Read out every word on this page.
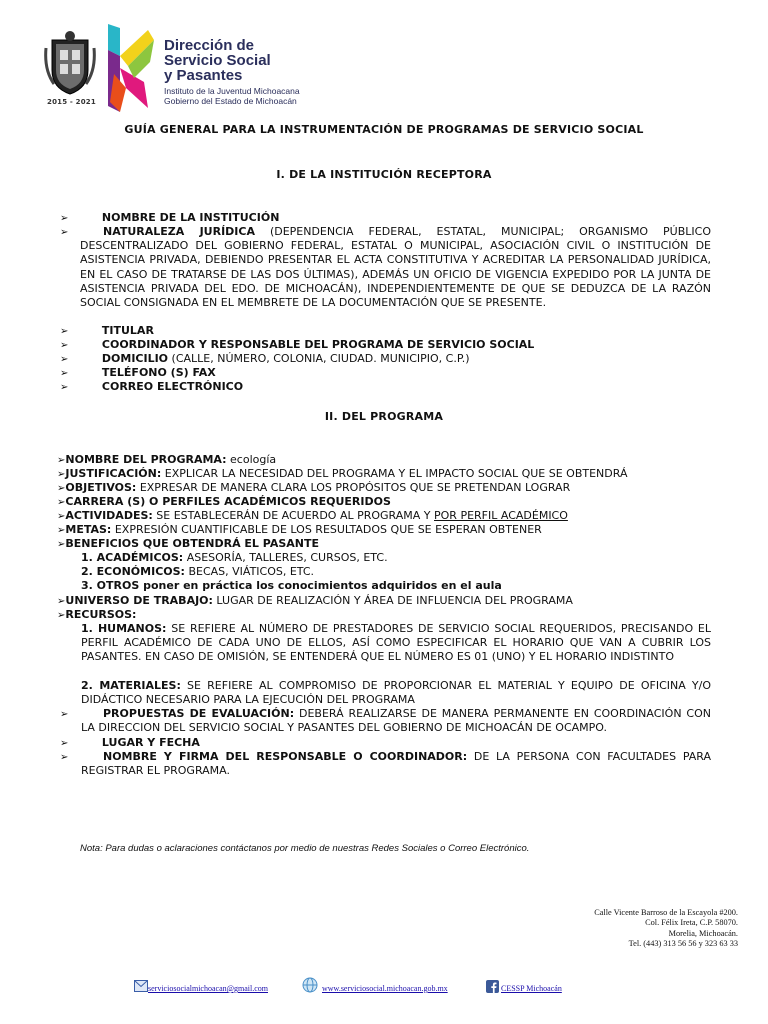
2015 - 2021
Dirección de
Servicio Social
y Pasantes
Instituto de la Juventud Michoacana
Gobierno del Estado de Michoacán
GUÍA GENERAL PARA LA INSTRUMENTACIÓN DE PROGRAMAS DE SERVICIO SOCIAL
I. DE LA INSTITUCIÓN RECEPTORA
➢	NOMBRE DE LA INSTITUCIÓN
➢	NATURALEZA JURÍDICA (DEPENDENCIA FEDERAL, ESTATAL, MUNICIPAL; ORGANISMO PÚBLICO DESCENTRALIZADO DEL GOBIERNO FEDERAL, ESTATAL O MUNICIPAL, ASOCIACIÓN CIVIL O INSTITUCIÓN DE ASISTENCIA PRIVADA, DEBIENDO PRESENTAR EL ACTA CONSTITUTIVA Y ACREDITAR LA PERSONALIDAD JURÍDICA, EN EL CASO DE TRATARSE DE LAS DOS ÚLTIMAS), ADEMÁS UN OFICIO DE VIGENCIA EXPEDIDO POR LA JUNTA DE ASISTENCIA PRIVADA DEL EDO. DE MICHOACÁN), INDEPENDIENTEMENTE DE QUE SE DEDUZCA DE LA RAZÓN SOCIAL CONSIGNADA EN EL MEMBRETE DE LA DOCUMENTACIÓN QUE SE PRESENTE.
➢	TITULAR
➢	COORDINADOR Y RESPONSABLE DEL PROGRAMA DE SERVICIO SOCIAL
➢	DOMICILIO (CALLE, NÚMERO, COLONIA, CIUDAD. MUNICIPIO, C.P.)
➢	TELÉFONO (S) FAX
➢	CORREO ELECTRÓNICO
II. DEL PROGRAMA
➢NOMBRE DEL PROGRAMA: ecología
➢JUSTIFICACIÓN: EXPLICAR LA NECESIDAD DEL PROGRAMA Y EL IMPACTO SOCIAL QUE SE OBTENDRÁ
➢OBJETIVOS: EXPRESAR DE MANERA CLARA LOS PROPÓSITOS QUE SE PRETENDAN LOGRAR
➢CARRERA (S) O PERFILES ACADÉMICOS REQUERIDOS
➢ACTIVIDADES: SE ESTABLECERÁN DE ACUERDO AL PROGRAMA Y POR PERFIL ACADÉMICO
➢METAS: EXPRESIÓN CUANTIFICABLE DE LOS RESULTADOS QUE SE ESPERAN OBTENER
➢BENEFICIOS QUE OBTENDRÁ EL PASANTE
1. ACADÉMICOS: ASESORÍA, TALLERES, CURSOS, ETC.
2. ECONÓMICOS: BECAS, VIÁTICOS, ETC.
3. OTROS poner en práctica los conocimientos adquiridos en el aula
➢UNIVERSO DE TRABAJO: LUGAR DE REALIZACIÓN Y ÁREA DE INFLUENCIA DEL PROGRAMA
➢RECURSOS:
1. HUMANOS: SE REFIERE AL NÚMERO DE PRESTADORES DE SERVICIO SOCIAL REQUERIDOS, PRECISANDO EL PERFIL ACADÉMICO DE CADA UNO DE ELLOS, ASÍ COMO ESPECIFICAR EL HORARIO QUE VAN A CUBRIR LOS PASANTES. EN CASO DE OMISIÓN, SE ENTENDERÁ QUE EL NÚMERO ES 01 (UNO) Y EL HORARIO INDISTINTO
2. MATERIALES: SE REFIERE AL COMPROMISO DE PROPORCIONAR EL MATERIAL Y EQUIPO DE OFICINA Y/O DIDÁCTICO NECESARIO PARA LA EJECUCIÓN DEL PROGRAMA
➢	PROPUESTAS DE EVALUACIÓN: DEBERÁ REALIZARSE DE MANERA PERMANENTE EN COORDINACIÓN CON LA DIRECCION DEL SERVICIO SOCIAL Y PASANTES DEL GOBIERNO DE MICHOACÁN DE OCAMPO.
➢	LUGAR Y FECHA
➢	NOMBRE Y FIRMA DEL RESPONSABLE O COORDINADOR: DE LA PERSONA CON FACULTADES PARA REGISTRAR EL PROGRAMA.
Nota: Para dudas o aclaraciones contáctanos por medio de nuestras Redes Sociales o Correo Electrónico.
Calle Vicente Barroso de la Escayola #200.
Col. Félix Ireta, C.P. 58070.
Morelia, Michoacán.
Tel. (443) 313 56 56 y 323 63 33
serviciosocialmichoacan@gmail.com	www.serviciosocial.michoacan.gob.mx	CESSP Michoacán
